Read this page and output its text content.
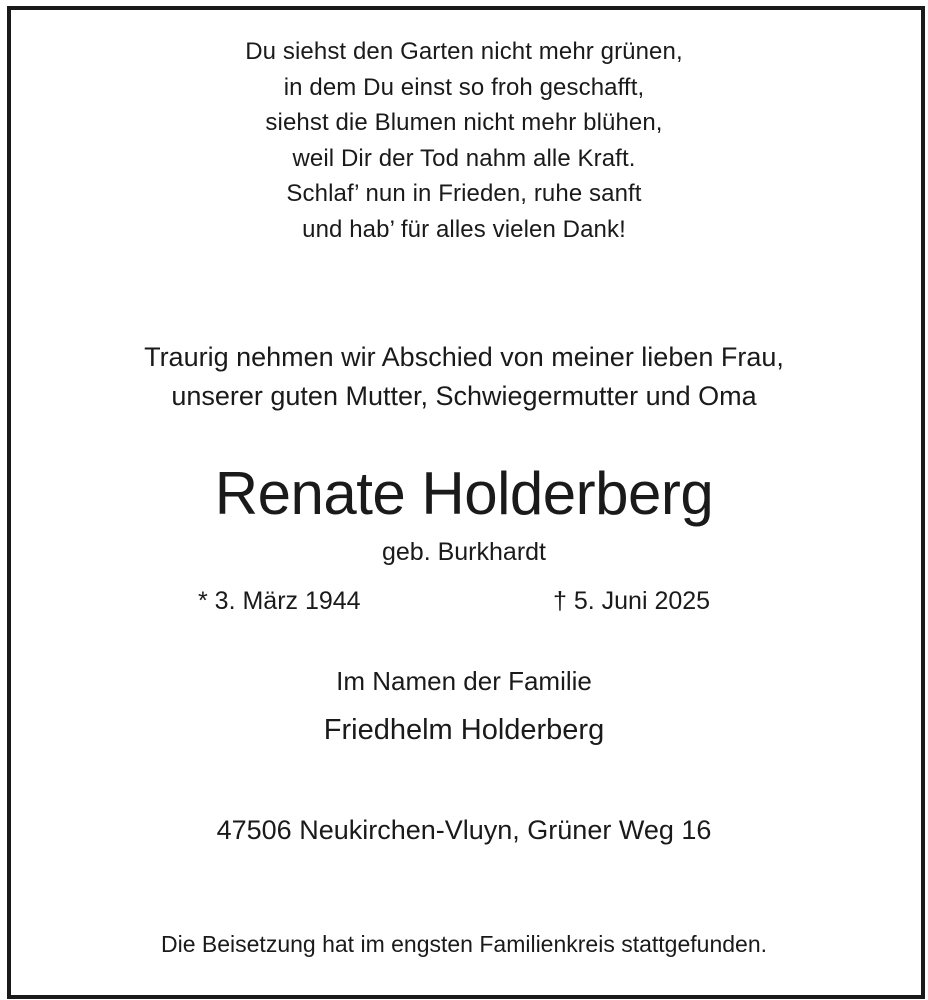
Du siehst den Garten nicht mehr grünen,
in dem Du einst so froh geschafft,
siehst die Blumen nicht mehr blühen,
weil Dir der Tod nahm alle Kraft.
Schlaf’ nun in Frieden, ruhe sanft
und hab’ für alles vielen Dank!
Traurig nehmen wir Abschied von meiner lieben Frau,
unserer guten Mutter, Schwiegermutter und Oma
Renate Holderberg
geb. Burkhardt
* 3. März 1944	† 5. Juni 2025
Im Namen der Familie
Friedhelm Holderberg
47506 Neukirchen-Vluyn, Grüner Weg 16
Die Beisetzung hat im engsten Familienkreis stattgefunden.
